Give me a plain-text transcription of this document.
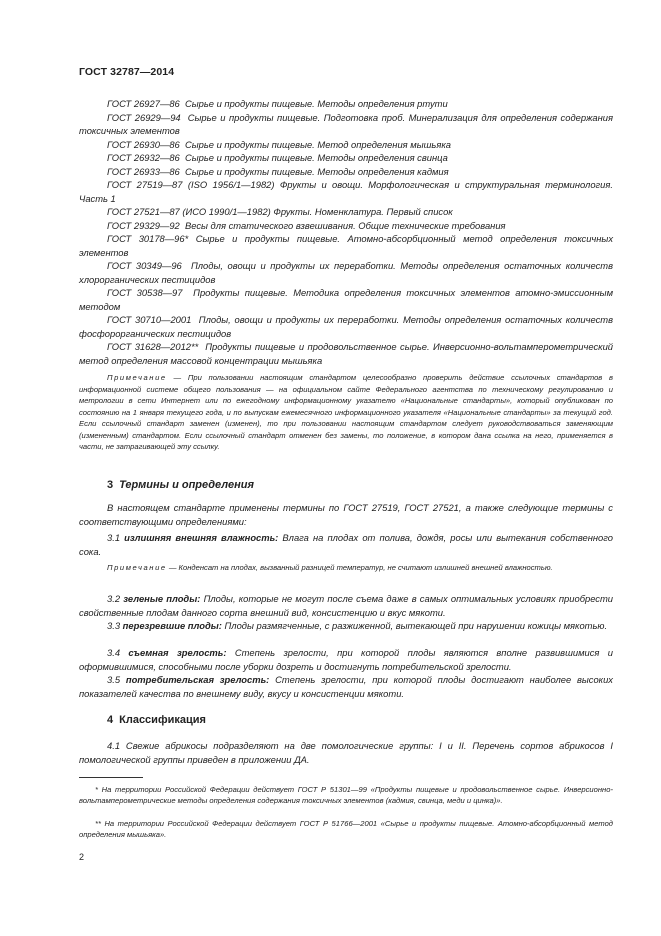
ГОСТ 32787—2014
ГОСТ 26927—86 Сырье и продукты пищевые. Методы определения ртути
ГОСТ 26929—94 Сырье и продукты пищевые. Подготовка проб. Минерализация для определения содержания токсичных элементов
ГОСТ 26930—86 Сырье и продукты пищевые. Метод определения мышьяка
ГОСТ 26932—86 Сырье и продукты пищевые. Методы определения свинца
ГОСТ 26933—86 Сырье и продукты пищевые. Методы определения кадмия
ГОСТ 27519—87 (ISO 1956/1—1982) Фрукты и овощи. Морфологическая и структуральная терминология. Часть 1
ГОСТ 27521—87 (ИСО 1990/1—1982) Фрукты. Номенклатура. Первый список
ГОСТ 29329—92 Весы для статического взвешивания. Общие технические требования
ГОСТ 30178—96* Сырье и продукты пищевые. Атомно-абсорбционный метод определения токсичных элементов
ГОСТ 30349—96 Плоды, овощи и продукты их переработки. Методы определения остаточных количеств хлорорганических пестицидов
ГОСТ 30538—97 Продукты пищевые. Методика определения токсичных элементов атомно-эмиссионным методом
ГОСТ 30710—2001 Плоды, овощи и продукты их переработки. Методы определения остаточных количеств фосфорорганических пестицидов
ГОСТ 31628—2012** Продукты пищевые и продовольственное сырье. Инверсионно-вольтамперометрический метод определения массовой концентрации мышьяка
Примечание — При пользовании настоящим стандартом целесообразно проверить действие ссылочных стандартов в информационной системе общего пользования — на официальном сайте Федерального агентства по техническому регулированию и метрологии в сети Интернет или по ежегодному информационному указателю «Национальные стандарты», который опубликован по состоянию на 1 января текущего года, и по выпускам ежемесячного информационного указателя «Национальные стандарты» за текущий год. Если ссылочный стандарт заменен (изменен), то при пользовании настоящим стандартом следует руководствоваться заменяющим (измененным) стандартом. Если ссылочный стандарт отменен без замены, то положение, в котором дана ссылка на него, применяется в части, не затрагивающей эту ссылку.
3 Термины и определения
В настоящем стандарте применены термины по ГОСТ 27519, ГОСТ 27521, а также следующие термины с соответствующими определениями:
3.1 излишняя внешняя влажность: Влага на плодах от полива, дождя, росы или вытекания собственного сока.
Примечание — Конденсат на плодах, вызванный разницей температур, не считают излишней внешней влажностью.
3.2 зеленые плоды: Плоды, которые не могут после съема даже в самых оптимальных условиях приобрести свойственные плодам данного сорта внешний вид, консистенцию и вкус мякоти.
3.3 перезревшие плоды: Плоды размягченные, с разжиженной, вытекающей при нарушении кожицы мякотью.
3.4 съемная зрелость: Степень зрелости, при которой плоды являются вполне развившимися и оформившимися, способными после уборки дозреть и достигнуть потребительской зрелости.
3.5 потребительская зрелость: Степень зрелости, при которой плоды достигают наиболее высоких показателей качества по внешнему виду, вкусу и консистенции мякоти.
4 Классификация
4.1 Свежие абрикосы подразделяют на две помологические группы: I и II. Перечень сортов абрикосов I помологической группы приведен в приложении ДА.
* На территории Российской Федерации действует ГОСТ Р 51301—99 «Продукты пищевые и продовольственное сырье. Инверсионно-вольтамперометрические методы определения содержания токсичных элементов (кадмия, свинца, меди и цинка)».
** На территории Российской Федерации действует ГОСТ Р 51766—2001 «Сырье и продукты пищевые. Атомно-абсорбционный метод определения мышьяка».
2
